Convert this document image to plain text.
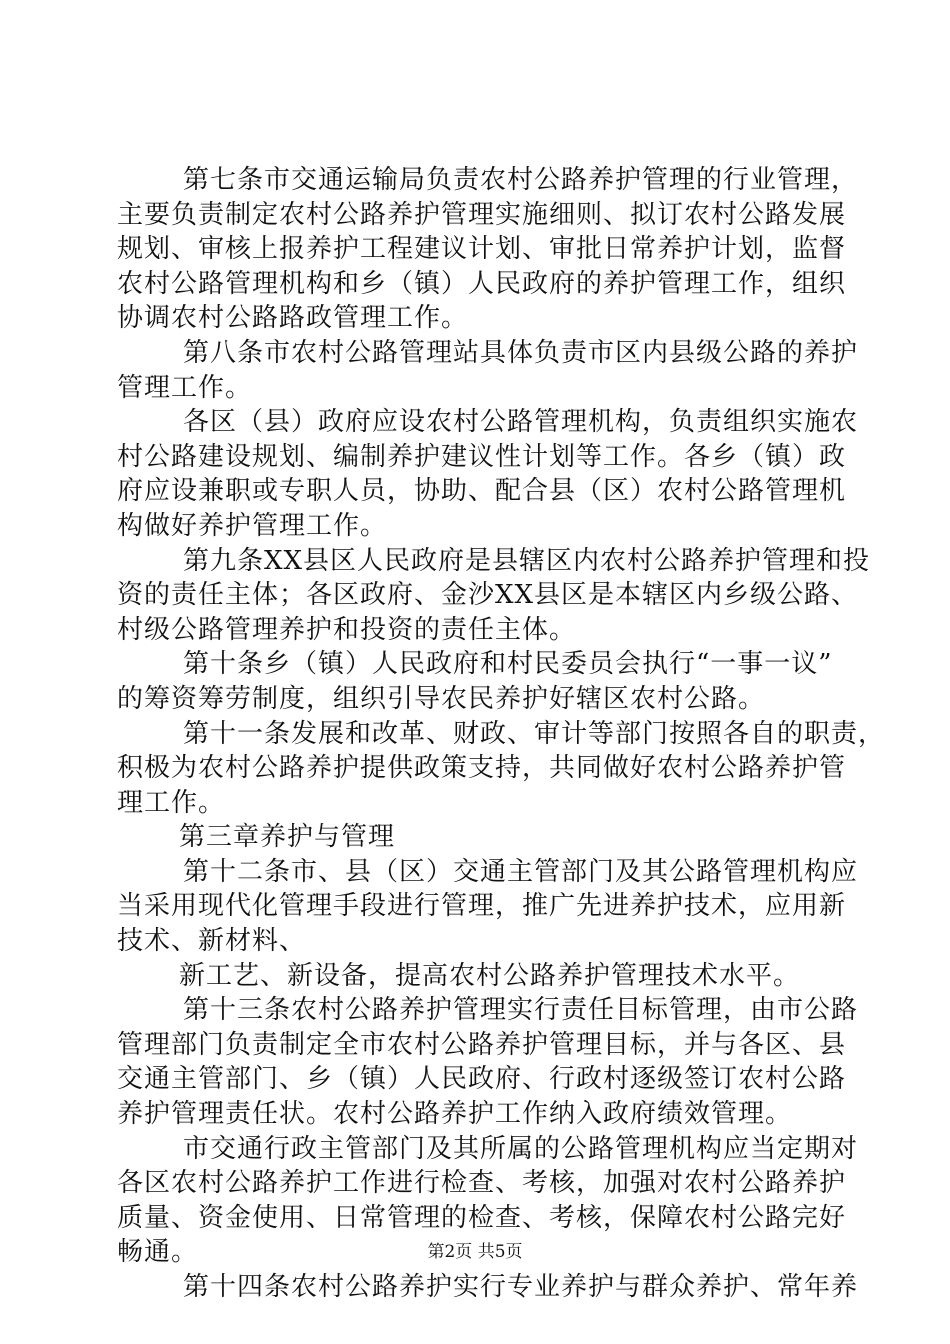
第七条市交通运输局负责农村公路养护管理的行业管理，
主要负责制定农村公路养护管理实施细则、拟订农村公路发展
规划、审核上报养护工程建议计划、审批日常养护计划，监督
农村公路管理机构和乡（镇）人民政府的养护管理工作，组织
协调农村公路路政管理工作。
第八条市农村公路管理站具体负责市区内县级公路的养护
管理工作。
各区（县）政府应设农村公路管理机构，负责组织实施农
村公路建设规划、编制养护建议性计划等工作。各乡（镇）政
府应设兼职或专职人员，协助、配合县（区）农村公路管理机
构做好养护管理工作。
第九条XX县区人民政府是县辖区内农村公路养护管理和投
资的责任主体；各区政府、金沙XX县区是本辖区内乡级公路、
村级公路管理养护和投资的责任主体。
第十条乡（镇）人民政府和村民委员会执行“一事一议”
的筹资筹劳制度，组织引导农民养护好辖区农村公路。
第十一条发展和改革、财政、审计等部门按照各自的职责，
积极为农村公路养护提供政策支持，共同做好农村公路养护管
理工作。
第三章养护与管理
第十二条市、县（区）交通主管部门及其公路管理机构应
当采用现代化管理手段进行管理，推广先进养护技术，应用新
技术、新材料、
新工艺、新设备，提高农村公路养护管理技术水平。
第十三条农村公路养护管理实行责任目标管理，由市公路
管理部门负责制定全市农村公路养护管理目标，并与各区、县
交通主管部门、乡（镇）人民政府、行政村逐级签订农村公路
养护管理责任状。农村公路养护工作纳入政府绩效管理。
市交通行政主管部门及其所属的公路管理机构应当定期对
各区农村公路养护工作进行检查、考核，加强对农村公路养护
质量、资金使用、日常管理的检查、考核，保障农村公路完好
畅通。
第十四条农村公路养护实行专业养护与群众养护、常年养
第2页 共5页
